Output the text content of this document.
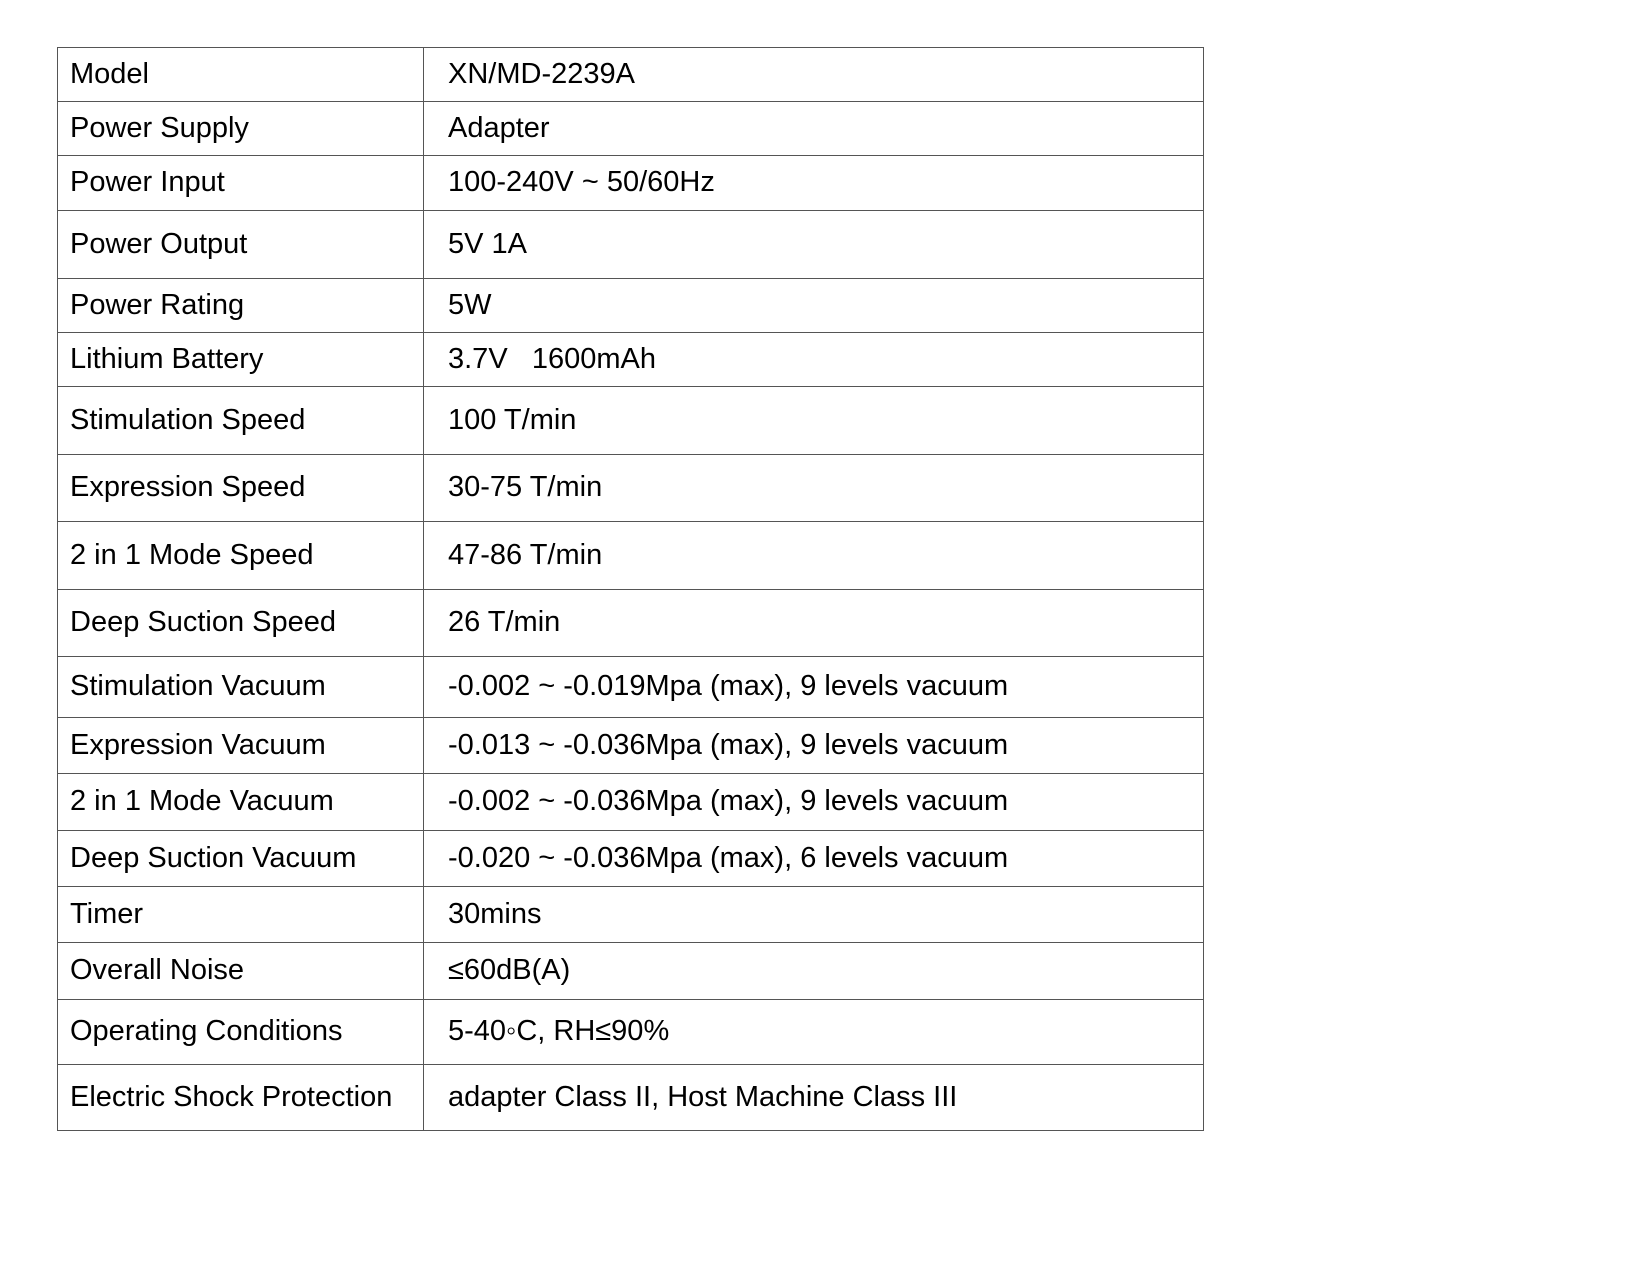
Model	XN/MD-2239A
Power Supply	Adapter
Power Input	100-240V ~ 50/60Hz
Power Output	5V 1A
Power Rating	5W
Lithium Battery	3.7V   1600mAh
Stimulation Speed	100 T/min
Expression Speed	30-75 T/min
2 in 1 Mode Speed	47-86 T/min
Deep Suction Speed	26 T/min
Stimulation Vacuum	-0.002 ~ -0.019Mpa (max), 9 levels vacuum
Expression Vacuum	-0.013 ~ -0.036Mpa (max), 9 levels vacuum
2 in 1 Mode Vacuum	-0.002 ~ -0.036Mpa (max), 9 levels vacuum
Deep Suction Vacuum	-0.020 ~ -0.036Mpa (max), 6 levels vacuum
Timer	30mins
Overall Noise	≤60dB(A)
Operating Conditions	5-40◦C, RH≤90%
Electric Shock Protection	adapter Class II, Host Machine Class III
